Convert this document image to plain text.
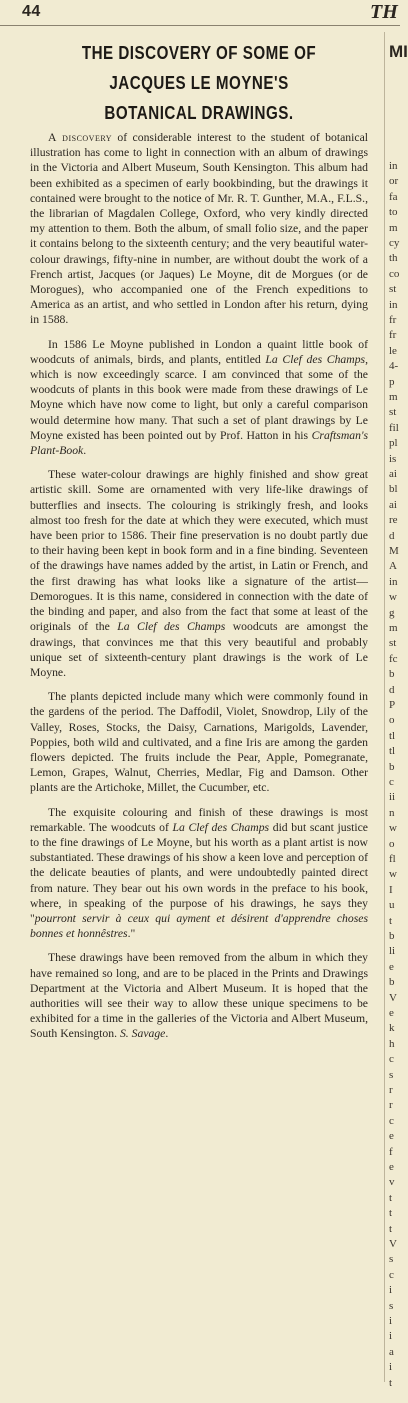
44	TH
THE DISCOVERY OF SOME OF JACQUES LE MOYNE'S BOTANICAL DRAWINGS.

A discovery of considerable interest to the student of botanical illustration has come to light in connection with an album of drawings in the Victoria and Albert Museum, South Kensington. This album had been exhibited as a specimen of early bookbinding, but the drawings it contained were brought to the notice of Mr. R. T. Gunther, M.A., F.L.S., the librarian of Magdalen College, Oxford, who very kindly directed my attention to them. Both the album, of small folio size, and the paper it contains belong to the sixteenth century; and the very beautiful water-colour drawings, fifty-nine in number, are without doubt the work of a French artist, Jacques (or Jaques) Le Moyne, dit de Morgues (or de Morogues), who accompanied one of the French expeditions to America as an artist, and who settled in London after his return, dying in 1588.

In 1586 Le Moyne published in London a quaint little book of woodcuts of animals, birds, and plants, entitled La Clef des Champs, which is now exceedingly scarce. I am convinced that some of the woodcuts of plants in this book were made from these drawings of Le Moyne which have now come to light, but only a careful comparison would determine how many. That such a set of plant drawings by Le Moyne existed has been pointed out by Prof. Hatton in his Craftsman's Plant-Book.

These water-colour drawings are highly finished and show great artistic skill. Some are ornamented with very life-like drawings of butterflies and insects. The colouring is strikingly fresh, and looks almost too fresh for the date at which they were executed, which must have been prior to 1586. Their fine preservation is no doubt partly due to their having been kept in book form and in a fine binding. Seventeen of the drawings have names added by the artist, in Latin or French, and the first drawing has what looks like a signature of the artist—Demorogues. It is this name, considered in connection with the date of the binding and paper, and also from the fact that some at least of the originals of the La Clef des Champs woodcuts are amongst the drawings, that convinces me that this very beautiful and probably unique set of sixteenth-century plant drawings is the work of Le Moyne.

The plants depicted include many which were commonly found in the gardens of the period. The Daffodil, Violet, Snowdrop, Lily of the Valley, Roses, Stocks, the Daisy, Carnations, Marigolds, Lavender, Poppies, both wild and cultivated, and a fine Iris are among the garden flowers depicted. The fruits include the Pear, Apple, Pomegranate, Lemon, Grapes, Walnut, Cherries, Medlar, Fig and Damson. Other plants are the Artichoke, Millet, the Cucumber, etc.

The exquisite colouring and finish of these drawings is most remarkable. The woodcuts of La Clef des Champs did but scant justice to the fine drawings of Le Moyne, but his worth as a plant artist is now substantiated. These drawings of his show a keen love and perception of the delicate beauties of plants, and were undoubtedly painted direct from nature. They bear out his own words in the preface to his book, where, in speaking of the purpose of his drawings, he says they "pourront servir à ceux qui ayment et désirent d'apprendre choses bonnes et honnêstres."

These drawings have been removed from the album in which they have remained so long, and are to be placed in the Prints and Drawings Department at the Victoria and Albert Museum. It is hoped that the authorities will see their way to allow these unique specimens to be exhibited for a time in the galleries of the Victoria and Albert Museum, South Kensington. S. Savage.

MI
in
or
fa
to
m
cy
th
co
st
in
fr
fr
le
4-
p
m
st
fil
pl
is
ai
bl
ai
re
d
M
A
in
w
g
m
st
fc
b
d
P
o
tl
tl
b
c
ii
n
w
o
fl
w
I
u
t
b
li
e
b
V
e
k
h
c
s
r
r
c
e
f
e
v
t
t
t
V
s
c
i
s
i
i
a
i
t
